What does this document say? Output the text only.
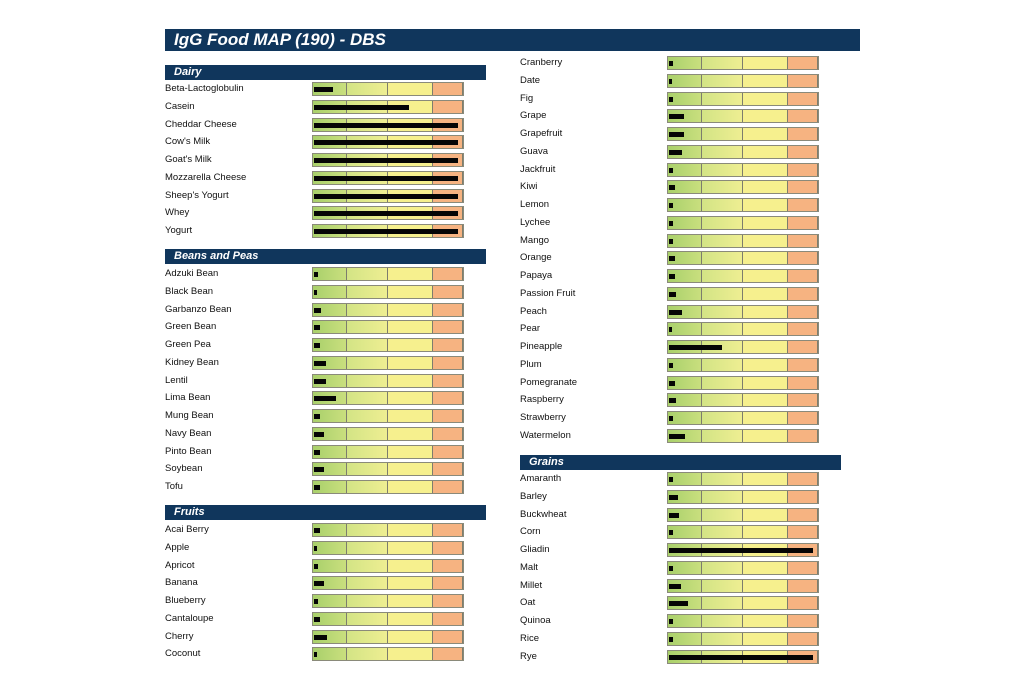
IgG Food MAP (190) - DBS
Dairy
Beta-Lactoglobulin
Casein
Cheddar Cheese
Cow's Milk
Goat's Milk
Mozzarella Cheese
Sheep's Yogurt
Whey
Yogurt
Beans and Peas
Adzuki Bean
Black Bean
Garbanzo Bean
Green Bean
Green Pea
Kidney Bean
Lentil
Lima Bean
Mung Bean
Navy Bean
Pinto Bean
Soybean
Tofu
Fruits
Acai Berry
Apple
Apricot
Banana
Blueberry
Cantaloupe
Cherry
Coconut
Cranberry
Date
Fig
Grape
Grapefruit
Guava
Jackfruit
Kiwi
Lemon
Lychee
Mango
Orange
Papaya
Passion Fruit
Peach
Pear
Pineapple
Plum
Pomegranate
Raspberry
Strawberry
Watermelon
Grains
Amaranth
Barley
Buckwheat
Corn
Gliadin
Malt
Millet
Oat
Quinoa
Rice
Rye
